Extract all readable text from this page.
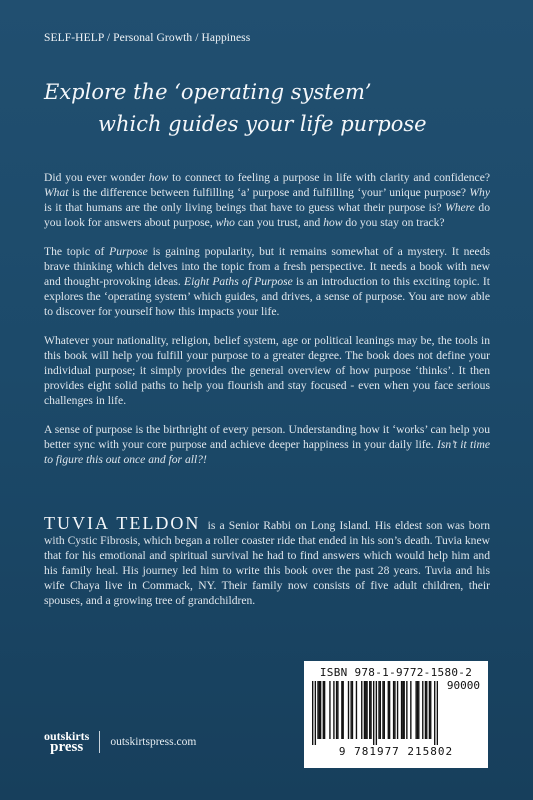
SELF-HELP / Personal Growth / Happiness
Explore the ‘operating system’
which guides your life purpose

Did you ever wonder how to connect to feeling a purpose in life with clarity and confidence? What is the difference between fulfilling ‘a’ purpose and fulfilling ‘your’ unique purpose? Why is it that humans are the only living beings that have to guess what their purpose is? Where do you look for answers about purpose, who can you trust, and how do you stay on track?

The topic of Purpose is gaining popularity, but it remains somewhat of a mystery. It needs brave thinking which delves into the topic from a fresh perspective. It needs a book with new and thought-provoking ideas. Eight Paths of Purpose is an introduction to this exciting topic. It explores the ‘operating system’ which guides, and drives, a sense of purpose. You are now able to discover for yourself how this impacts your life.

Whatever your nationality, religion, belief system, age or political leanings may be, the tools in this book will help you fulfill your purpose to a greater degree. The book does not define your individual purpose; it simply provides the general overview of how purpose ‘thinks’. It then provides eight solid paths to help you flourish and stay focused - even when you face serious challenges in life.

A sense of purpose is the birthright of every person. Understanding how it ‘works’ can help you better sync with your core purpose and achieve deeper happiness in your daily life. Isn’t it time to figure this out once and for all?!

TUVIA TELDON is a Senior Rabbi on Long Island. His eldest son was born with Cystic Fibrosis, which began a roller coaster ride that ended in his son’s death. Tuvia knew that for his emotional and spiritual survival he had to find answers which would help him and his family heal. His journey led him to write this book over the past 28 years. Tuvia and his wife Chaya live in Commack, NY. Their family now consists of five adult children, their spouses, and a growing tree of grandchildren.
ISBN 978-1-9772-1580-2
90000
9 781977 215802
outskirts
press	outskirtspress.com
